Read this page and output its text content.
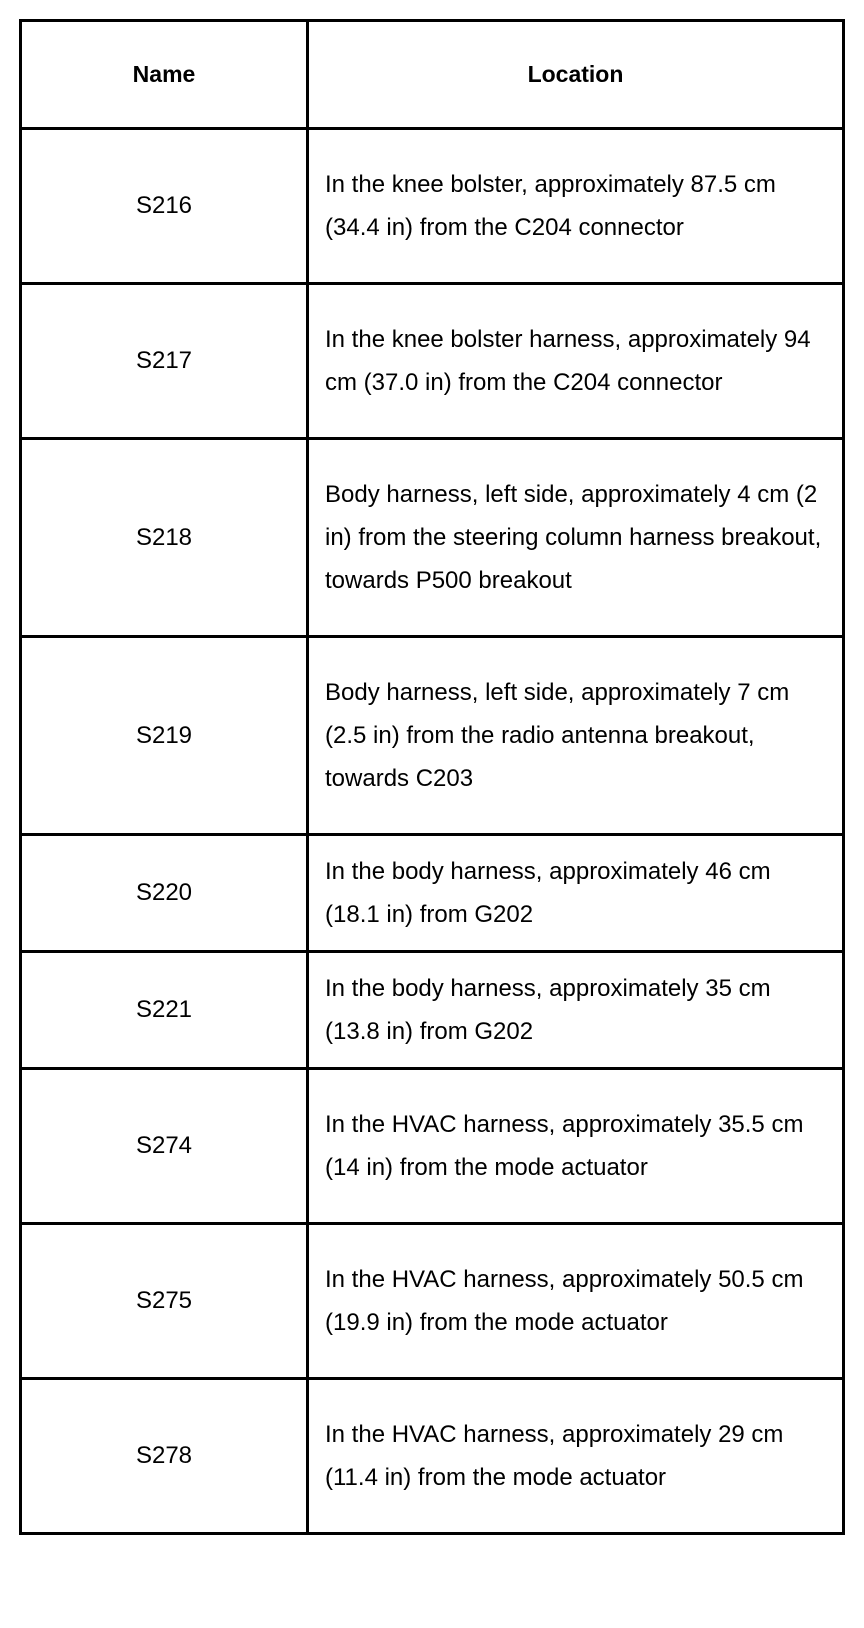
Name	Location
S216	In the knee bolster, approximately 87.5 cm (34.4 in) from the C204 connector
S217	In the knee bolster harness, approximately 94 cm (37.0 in) from the C204 connector
S218	Body harness, left side, approximately 4 cm (2 in) from the steering column harness breakout, towards P500 breakout
S219	Body harness, left side, approximately 7 cm (2.5 in) from the radio antenna breakout, towards C203
S220	In the body harness, approximately 46 cm (18.1 in) from G202
S221	In the body harness, approximately 35 cm (13.8 in) from G202
S274	In the HVAC harness, approximately 35.5 cm (14 in) from the mode actuator
S275	In the HVAC harness, approximately 50.5 cm (19.9 in) from the mode actuator
S278	In the HVAC harness, approximately 29 cm (11.4 in) from the mode actuator
